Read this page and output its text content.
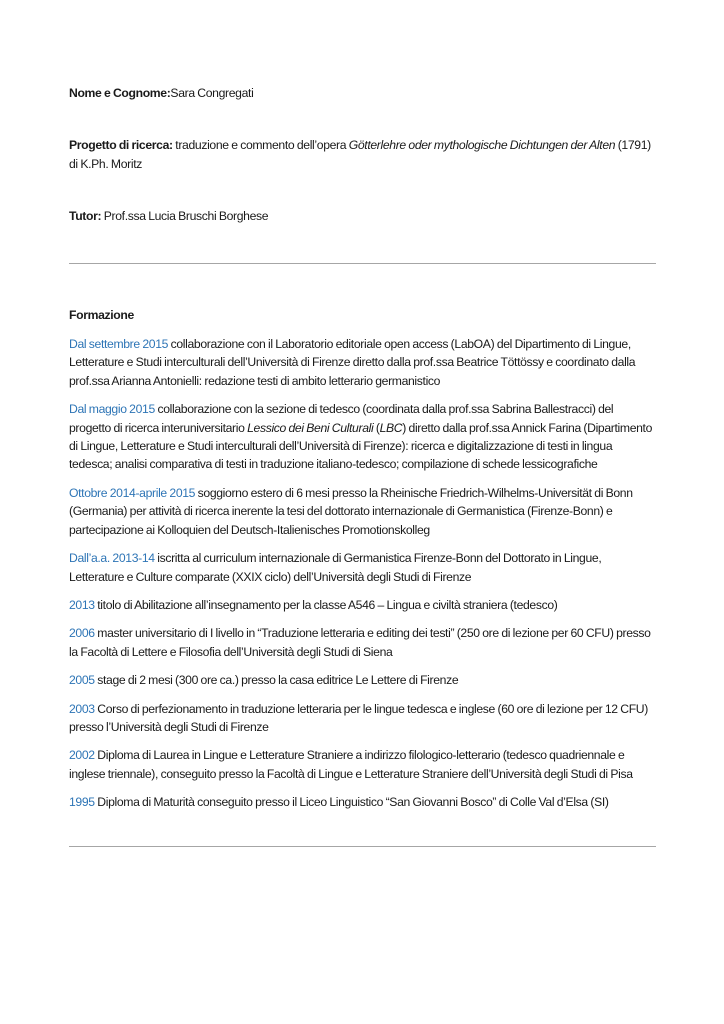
Nome e Cognome:Sara Congregati

Progetto di ricerca: traduzione e commento dell’opera Götterlehre oder mythologische Dichtungen der Alten (1791) di K.Ph. Moritz

Tutor: Prof.ssa Lucia Bruschi Borghese

Formazione

Dal settembre 2015 collaborazione con il Laboratorio editoriale open access (LabOA) del Dipartimento di Lingue, Letterature e Studi interculturali dell’Università di Firenze diretto dalla prof.ssa Beatrice Töttössy e coordinato dalla prof.ssa Arianna Antonielli: redazione testi di ambito letterario germanistico

Dal maggio 2015 collaborazione con la sezione di tedesco (coordinata dalla prof.ssa Sabrina Ballestracci) del progetto di ricerca interuniversitario Lessico dei Beni Culturali (LBC) diretto dalla prof.ssa Annick Farina (Dipartimento di Lingue, Letterature e Studi interculturali dell’Università di Firenze): ricerca e digitalizzazione di testi in lingua tedesca; analisi comparativa di testi in traduzione italiano-tedesco; compilazione di schede lessicografiche

Ottobre 2014-aprile 2015 soggiorno estero di 6 mesi presso la Rheinische Friedrich-Wilhelms-Universität di Bonn (Germania) per attività di ricerca inerente la tesi del dottorato internazionale di Germanistica (Firenze-Bonn) e partecipazione ai Kolloquien del Deutsch-Italienisches Promotionskolleg

Dall’a.a. 2013-14 iscritta al curriculum internazionale di Germanistica Firenze-Bonn del Dottorato in Lingue, Letterature e Culture comparate (XXIX ciclo) dell’Università degli Studi di Firenze

2013 titolo di Abilitazione all’insegnamento per la classe A546 – Lingua e civiltà straniera (tedesco)

2006 master universitario di I livello in “Traduzione letteraria e editing dei testi” (250 ore di lezione per 60 CFU) presso la Facoltà di Lettere e Filosofia dell’Università degli Studi di Siena

2005 stage di 2 mesi (300 ore ca.) presso la casa editrice Le Lettere di Firenze

2003 Corso di perfezionamento in traduzione letteraria per le lingue tedesca e inglese (60 ore di lezione per 12 CFU) presso l’Università degli Studi di Firenze

2002 Diploma di Laurea in Lingue e Letterature Straniere a indirizzo filologico-letterario (tedesco quadriennale e inglese triennale), conseguito presso la Facoltà di Lingue e Letterature Straniere dell’Università degli Studi di Pisa

1995 Diploma di Maturità conseguito presso il Liceo Linguistico “San Giovanni Bosco” di Colle Val d’Elsa (SI)
